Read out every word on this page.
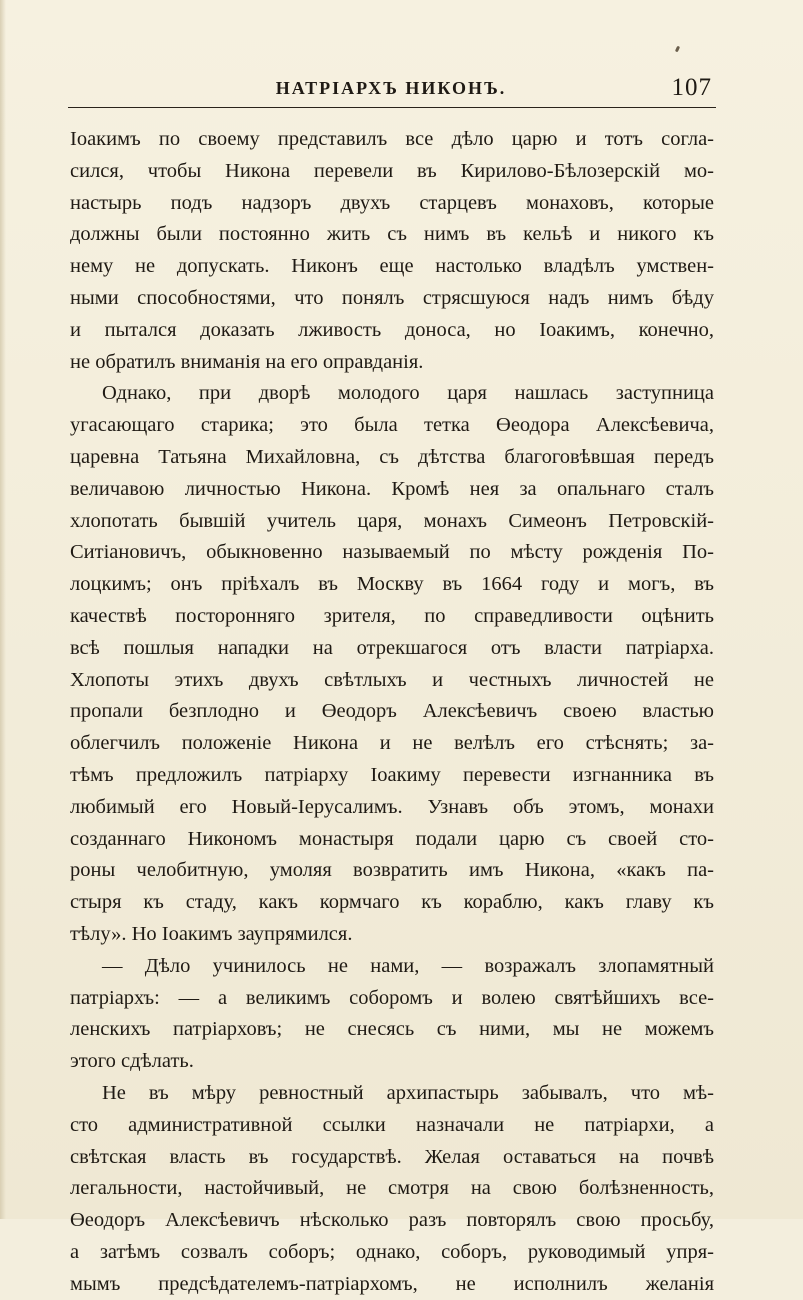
НАТРІАРХЪ НИКОНЪ.	107
Іоакимъ по своему представилъ все дѣло царю и тотъ согла-
сился, чтобы Никона перевели въ Кирилово-Бѣлозерскій мо-
настырь подъ надзоръ двухъ старцевъ монаховъ, которые
должны были постоянно жить съ нимъ въ кельѣ и никого къ
нему не допускать. Никонъ еще настолько владѣлъ умствен-
ными способностями, что понялъ стрясшуюся надъ нимъ бѣду
и пытался доказать лживость доноса, но Іоакимъ, конечно,
не обратилъ вниманія на его оправданія.
Однако, при дворѣ молодого царя нашлась заступница
угасающаго старика; это была тетка Өеодора Алексѣевича,
царевна Татьяна Михайловна, съ дѣтства благоговѣвшая передъ
величавою личностью Никона. Кромѣ нея за опальнаго сталъ
хлопотать бывшій учитель царя, монахъ Симеонъ Петровскій-
Ситіановичъ, обыкновенно называемый по мѣсту рожденія По-
лоцкимъ; онъ пріѣхалъ въ Москву въ 1664 году и могъ, въ
качествѣ посторонняго зрителя, по справедливости оцѣнить
всѣ пошлыя нападки на отрекшагося отъ власти патріарха.
Хлопоты этихъ двухъ свѣтлыхъ и честныхъ личностей не
пропали безплодно и Өеодоръ Алексѣевичъ своею властью
облегчилъ положеніе Никона и не велѣлъ его стѣснять; за-
тѣмъ предложилъ патріарху Іоакиму перевести изгнанника въ
любимый его Новый-Іерусалимъ. Узнавъ объ этомъ, монахи
созданнаго Никономъ монастыря подали царю съ своей сто-
роны челобитную, умоляя возвратить имъ Никона, «какъ па-
стыря къ стаду, какъ кормчаго къ кораблю, какъ главу къ
тѣлу». Но Іоакимъ заупрямился.
— Дѣло учинилось не нами, — возражалъ злопамятный
патріархъ: — а великимъ соборомъ и волею святѣйшихъ все-
ленскихъ патріарховъ; не снесясь съ ними, мы не можемъ
этого сдѣлать.
Не въ мѣру ревностный архипастырь забывалъ, что мѣ-
сто административной ссылки назначали не патріархи, а
свѣтская власть въ государствѣ. Желая оставаться на почвѣ
легальности, настойчивый, не смотря на свою болѣзненность,
Өеодоръ Алексѣевичъ нѣсколько разъ повторялъ свою просьбу,
а затѣмъ созвалъ соборъ; однако, соборъ, руководимый упря-
мымъ предсѣдателемъ-патріархомъ, не исполнилъ желанія
